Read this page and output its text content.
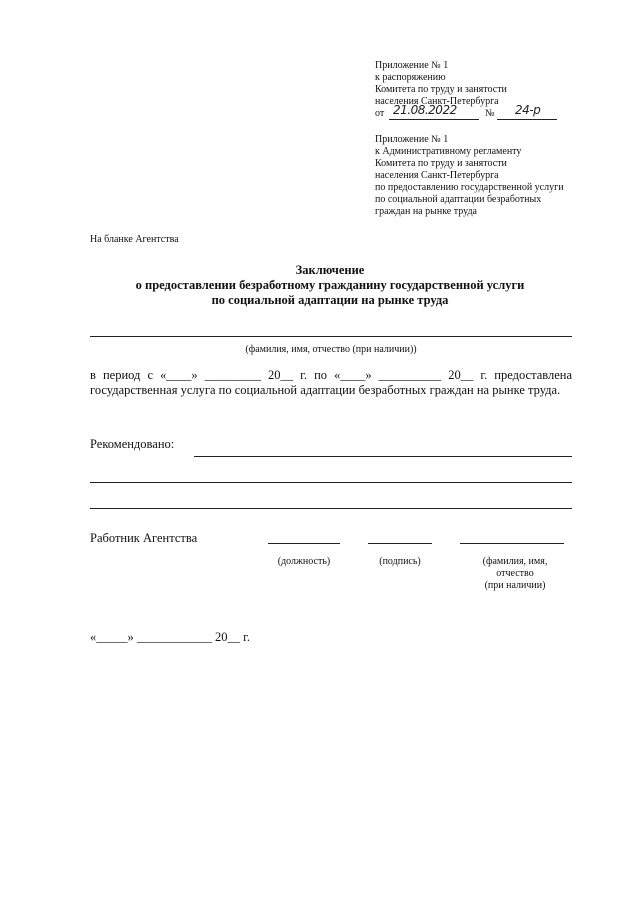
Приложение № 1
к распоряжению
Комитета по труду и занятости
населения Санкт-Петербурга
от 21.08.2022	№ 24-р
Приложение № 1
к Административному регламенту
Комитета по труду и занятости
населения Санкт-Петербурга
по предоставлению государственной услуги
по социальной адаптации безработных
граждан на рынке труда
На бланке Агентства
Заключение
о предоставлении безработному гражданину государственной услуги
по социальной адаптации на рынке труда
(фамилия, имя, отчество (при наличии))
в период с «____» _________ 20__ г. по «____» __________ 20__ г. предоставлена государственная услуга по социальной адаптации безработных граждан на рынке труда.
Рекомендовано:
Работник Агентства
(должность)	(подпись)	(фамилия, имя,
отчество
(при наличии)
«_____» ____________ 20__ г.
